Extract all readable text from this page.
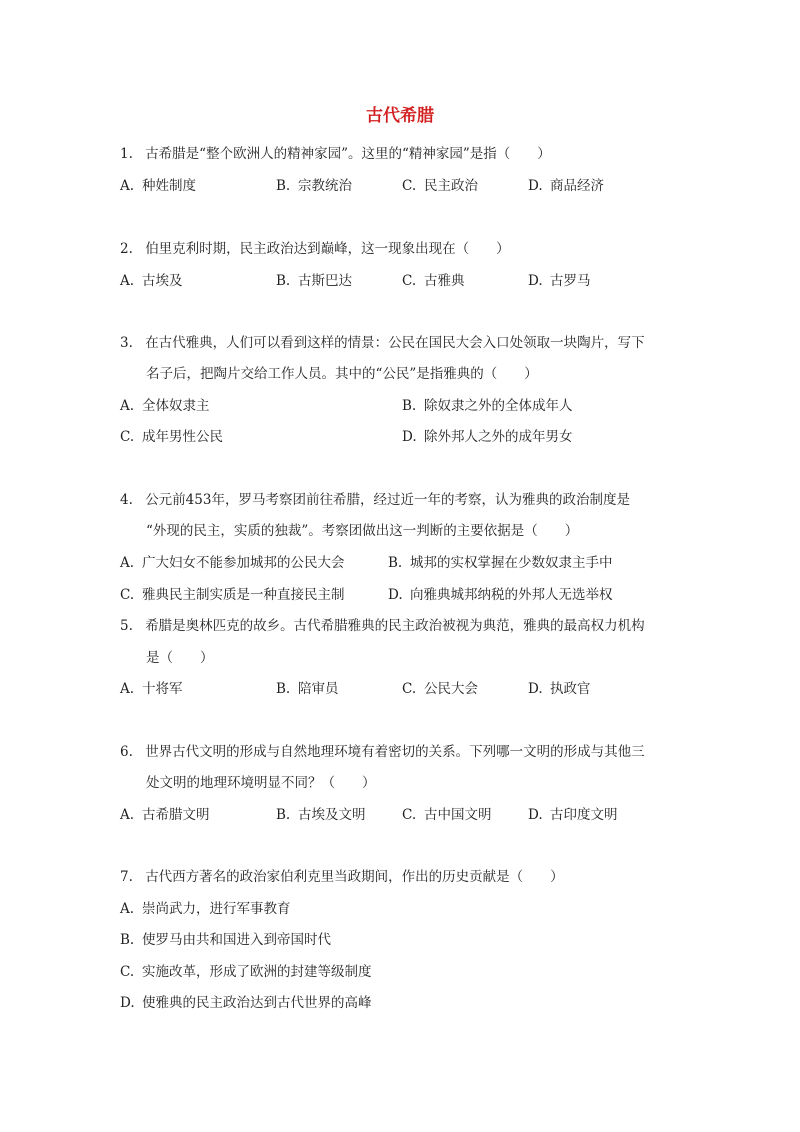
古代希腊
1. 古希腊是“整个欧洲人的精神家园”。这里的“精神家园”是指（　　）
A. 种姓制度	B. 宗教统治	C. 民主政治	D. 商品经济
2. 伯里克利时期，民主政治达到巅峰，这一现象出现在（　　）
A. 古埃及	B. 古斯巴达	C. 古雅典	D. 古罗马
3. 在古代雅典，人们可以看到这样的情景：公民在国民大会入口处领取一块陶片，写下
名子后，把陶片交给工作人员。其中的“公民”是指雅典的（　　）
A. 全体奴隶主	B. 除奴隶之外的全体成年人
C. 成年男性公民	D. 除外邦人之外的成年男女
4. 公元前453年，罗马考察团前往希腊，经过近一年的考察，认为雅典的政治制度是
“外现的民主，实质的独裁”。考察团做出这一判断的主要依据是（　　）
A. 广大妇女不能参加城邦的公民大会	B. 城邦的实权掌握在少数奴隶主手中
C. 雅典民主制实质是一种直接民主制	D. 向雅典城邦纳税的外邦人无选举权
5. 希腊是奥林匹克的故乡。古代希腊雅典的民主政治被视为典范，雅典的最高权力机构
是（　　）
A. 十将军	B. 陪审员	C. 公民大会	D. 执政官
6. 世界古代文明的形成与自然地理环境有着密切的关系。下列哪一文明的形成与其他三
处文明的地理环境明显不同？（　　）
A. 古希腊文明	B. 古埃及文明	C. 古中国文明	D. 古印度文明
7. 古代西方著名的政治家伯利克里当政期间，作出的历史贡献是（　　）
A. 崇尚武力，进行军事教育
B. 使罗马由共和国进入到帝国时代
C. 实施改革，形成了欧洲的封建等级制度
D. 使雅典的民主政治达到古代世界的高峰
